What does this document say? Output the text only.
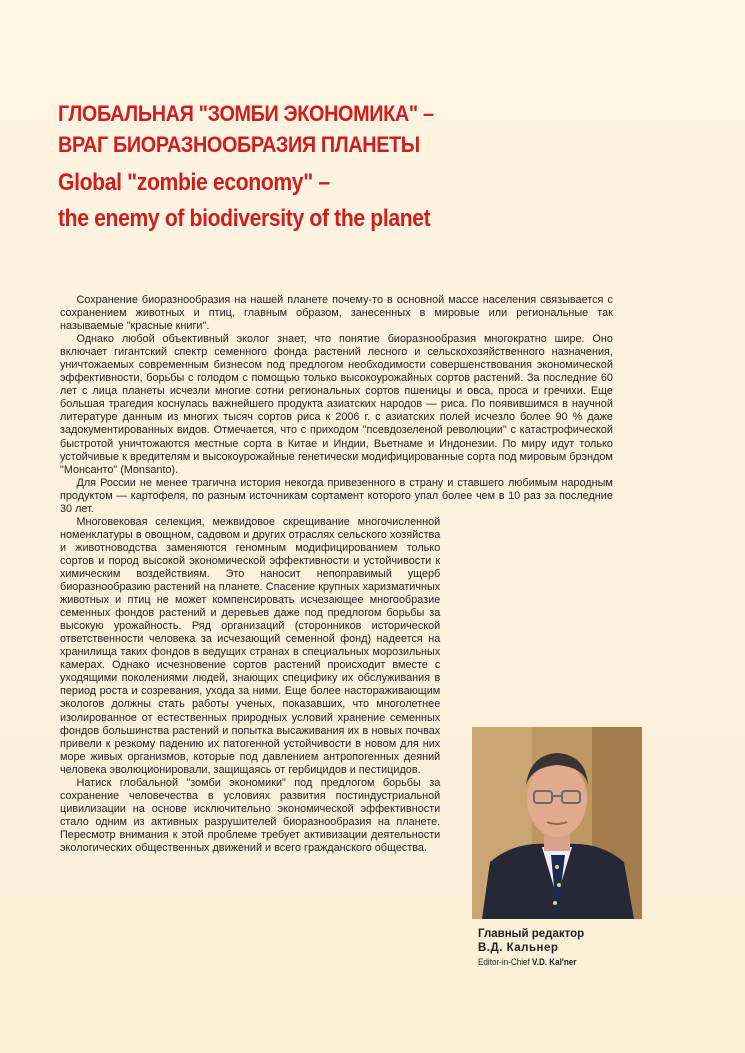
ГЛОБАЛЬНАЯ "ЗОМБИ ЭКОНОМИКА" –
ВРАГ БИОРАЗНООБРАЗИЯ ПЛАНЕТЫ
Global "zombie economy" –
the enemy of biodiversity of the planet

Сохранение биоразнообразия на нашей планете почему-то в основной массе населения связывается с сохранением животных и птиц, главным образом, занесенных в мировые или региональные так называемые "красные книги".

Однако любой объективный эколог знает, что понятие биоразнообразия многократно шире. Оно включает гигантский спектр семенного фонда растений лесного и сельскохозяйственного назначения, уничтожаемых современным бизнесом под предлогом необходимости совершенствования экономической эффективности, борьбы с голодом с помощью только высокоурожайных сортов растений. За последние 60 лет с лица планеты исчезли многие сотни региональных сортов пшеницы и овса, проса и гречихи. Еще большая трагедия коснулась важнейшего продукта азиатских народов — риса. По появившимся в научной литературе данным из многих тысяч сортов риса к 2006 г. с азиатских полей исчезло более 90 % даже задокументированных видов. Отмечается, что с приходом "псевдозеленой революции" с катастрофической быстротой уничтожаются местные сорта в Китае и Индии, Вьетнаме и Индонезии. По миру идут только устойчивые к вредителям и высокоурожайные генетически модифицированные сорта под мировым брэндом "Монсанто" (Monsanto).

Для России не менее трагична история некогда привезенного в страну и ставшего любимым народным продуктом — картофеля, по разным источникам сортамент которого упал более чем в 10 раз за последние 30 лет.

Многовековая селекция, межвидовое скрещивание многочисленной номенклатуры в овощном, садовом и других отраслях сельского хозяйства и животноводства заменяются геномным модифицированием только сортов и пород высокой экономической эффективности и устойчивости к химическим воздействиям. Это наносит непоправимый ущерб биоразнообразию растений на планете. Спасение крупных харизматичных животных и птиц не может компенсировать исчезающее многообразие семенных фондов растений и деревьев даже под предлогом борьбы за высокую урожайность. Ряд организаций (сторонников исторической ответственности человека за исчезающий семенной фонд) надеется на хранилища таких фондов в ведущих странах в специальных морозильных камерах. Однако исчезновение сортов растений происходит вместе с уходящими поколениями людей, знающих специфику их обслуживания в период роста и созревания, ухода за ними. Еще более настораживающим экологов должны стать работы ученых, показавших, что многолетнее изолированное от естественных природных условий хранение семенных фондов большинства растений и попытка высаживания их в новых почвах привели к резкому падению их патогенной устойчивости в новом для них море живых организмов, которые под давлением антропогенных деяний человека эволюционировали, защищаясь от гербицидов и пестицидов.

Натиск глобальной "зомби экономики" под предлогом борьбы за сохранение человечества в условиях развития постиндустриальной цивилизации на основе исключительно экономической эффективности стало одним из активных разрушителей биоразнообразия на планете. Пересмотр внимания к этой проблеме требует активизации деятельности экологических общественных движений и всего гражданского общества.

Главный редактор

В.Д. Кальнер

Editor-in-Chief V.D. Kal'ner
